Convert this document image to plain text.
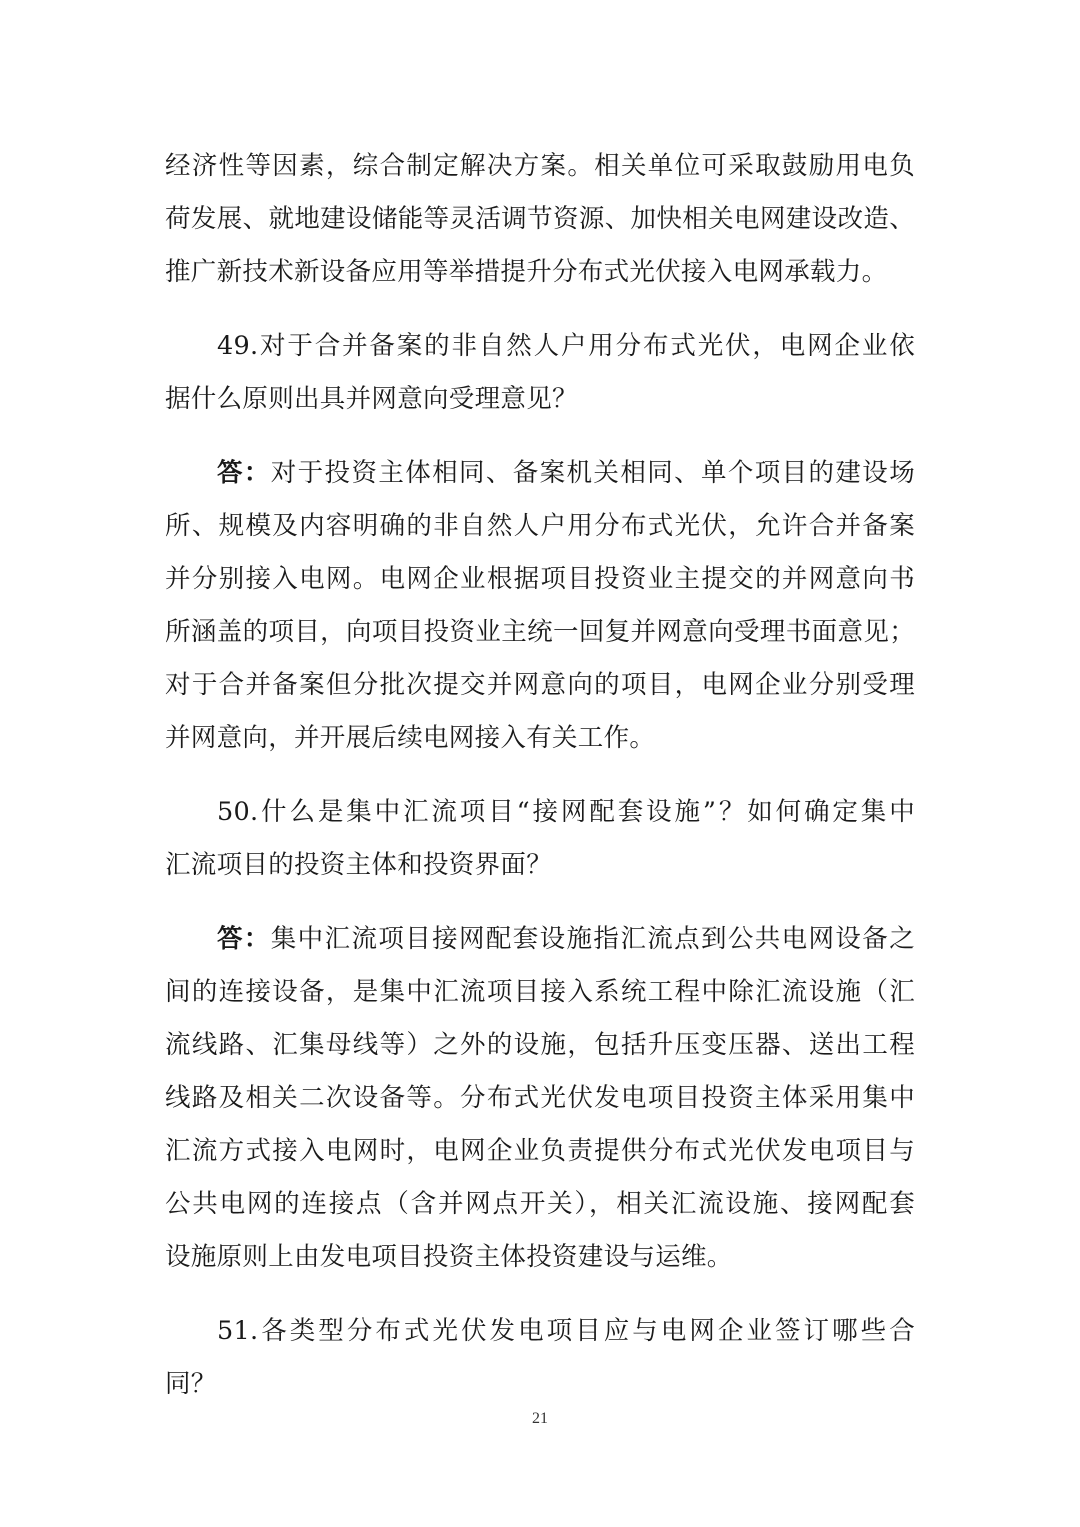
经济性等因素，综合制定解决方案。相关单位可采取鼓励用电负
荷发展、就地建设储能等灵活调节资源、加快相关电网建设改造、
推广新技术新设备应用等举措提升分布式光伏接入电网承载力。
49.对于合并备案的非自然人户用分布式光伏，电网企业依
据什么原则出具并网意向受理意见？
答：对于投资主体相同、备案机关相同、单个项目的建设场
所、规模及内容明确的非自然人户用分布式光伏，允许合并备案
并分别接入电网。电网企业根据项目投资业主提交的并网意向书
所涵盖的项目，向项目投资业主统一回复并网意向受理书面意见；
对于合并备案但分批次提交并网意向的项目，电网企业分别受理
并网意向，并开展后续电网接入有关工作。
50.什么是集中汇流项目“接网配套设施”？如何确定集中
汇流项目的投资主体和投资界面？
答：集中汇流项目接网配套设施指汇流点到公共电网设备之
间的连接设备，是集中汇流项目接入系统工程中除汇流设施（汇
流线路、汇集母线等）之外的设施，包括升压变压器、送出工程
线路及相关二次设备等。分布式光伏发电项目投资主体采用集中
汇流方式接入电网时，电网企业负责提供分布式光伏发电项目与
公共电网的连接点（含并网点开关），相关汇流设施、接网配套
设施原则上由发电项目投资主体投资建设与运维。
51.各类型分布式光伏发电项目应与电网企业签订哪些合
同？
21
